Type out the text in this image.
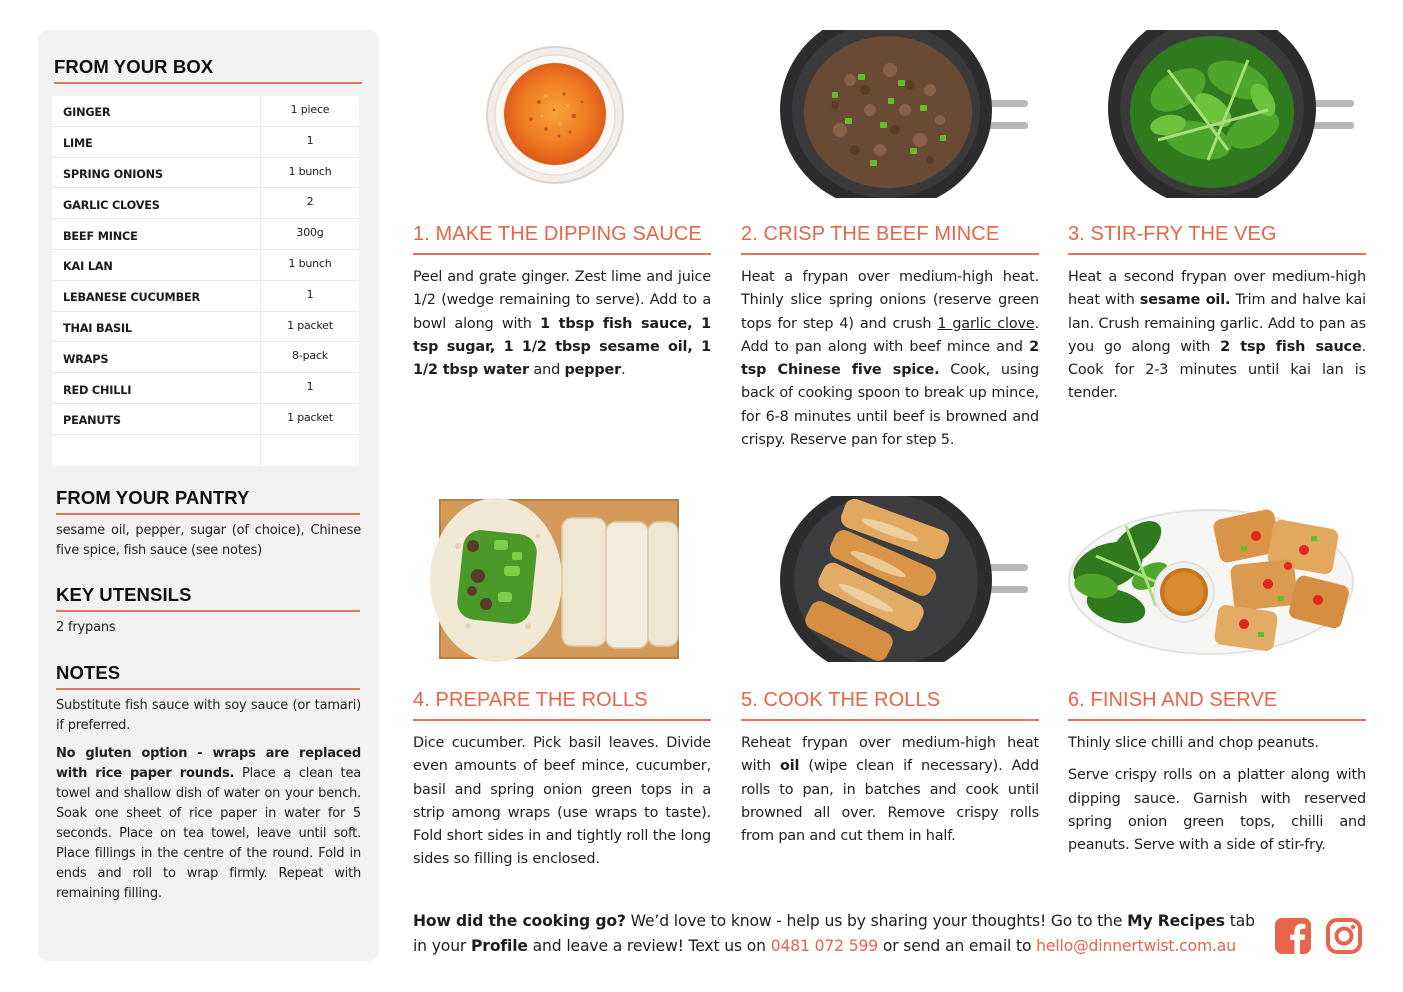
FROM YOUR BOX
GINGER	1 piece
LIME	1
SPRING ONIONS	1 bunch
GARLIC CLOVES	2
BEEF MINCE	300g
KAI LAN	1 bunch
LEBANESE CUCUMBER	1
THAI BASIL	1 packet
WRAPS	8-pack
RED CHILLI	1
PEANUTS	1 packet
FROM YOUR PANTRY
sesame oil, pepper, sugar (of choice), Chinese five spice, fish sauce (see notes)
KEY UTENSILS
2 frypans
NOTES
Substitute fish sauce with soy sauce (or tamari) if preferred.
No gluten option - wraps are replaced with rice paper rounds. Place a clean tea towel and shallow dish of water on your bench. Soak one sheet of rice paper in water for 5 seconds. Place on tea towel, leave until soft. Place fillings in the centre of the round. Fold in ends and roll to wrap firmly. Repeat with remaining filling.
1. MAKE THE DIPPING SAUCE
Peel and grate ginger. Zest lime and juice 1/2 (wedge remaining to serve). Add to a bowl along with 1 tbsp fish sauce, 1 tsp sugar, 1 1/2 tbsp sesame oil, 1 1/2 tbsp water and pepper.
2. CRISP THE BEEF MINCE
Heat a frypan over medium-high heat. Thinly slice spring onions (reserve green tops for step 4) and crush 1 garlic clove. Add to pan along with beef mince and 2 tsp Chinese five spice. Cook, using back of cooking spoon to break up mince, for 6-8 minutes until beef is browned and crispy. Reserve pan for step 5.
3. STIR-FRY THE VEG
Heat a second frypan over medium-high heat with sesame oil. Trim and halve kai lan. Crush remaining garlic. Add to pan as you go along with 2 tsp fish sauce. Cook for 2-3 minutes until kai lan is tender.
4. PREPARE THE ROLLS
Dice cucumber. Pick basil leaves. Divide even amounts of beef mince, cucumber, basil and spring onion green tops in a strip among wraps (use wraps to taste). Fold short sides in and tightly roll the long sides so filling is enclosed.
5. COOK THE ROLLS
Reheat frypan over medium-high heat with oil (wipe clean if necessary). Add rolls to pan, in batches and cook until browned all over. Remove crispy rolls from pan and cut them in half.
6. FINISH AND SERVE

Thinly slice chilli and chop peanuts.

Serve crispy rolls on a platter along with dipping sauce. Garnish with reserved spring onion green tops, chilli and peanuts. Serve with a side of stir-fry.

How did the cooking go? We’d love to know - help us by sharing your thoughts! Go to the My Recipes tab in your Profile and leave a review! Text us on 0481 072 599 or send an email to hello@dinnertwist.com.au
